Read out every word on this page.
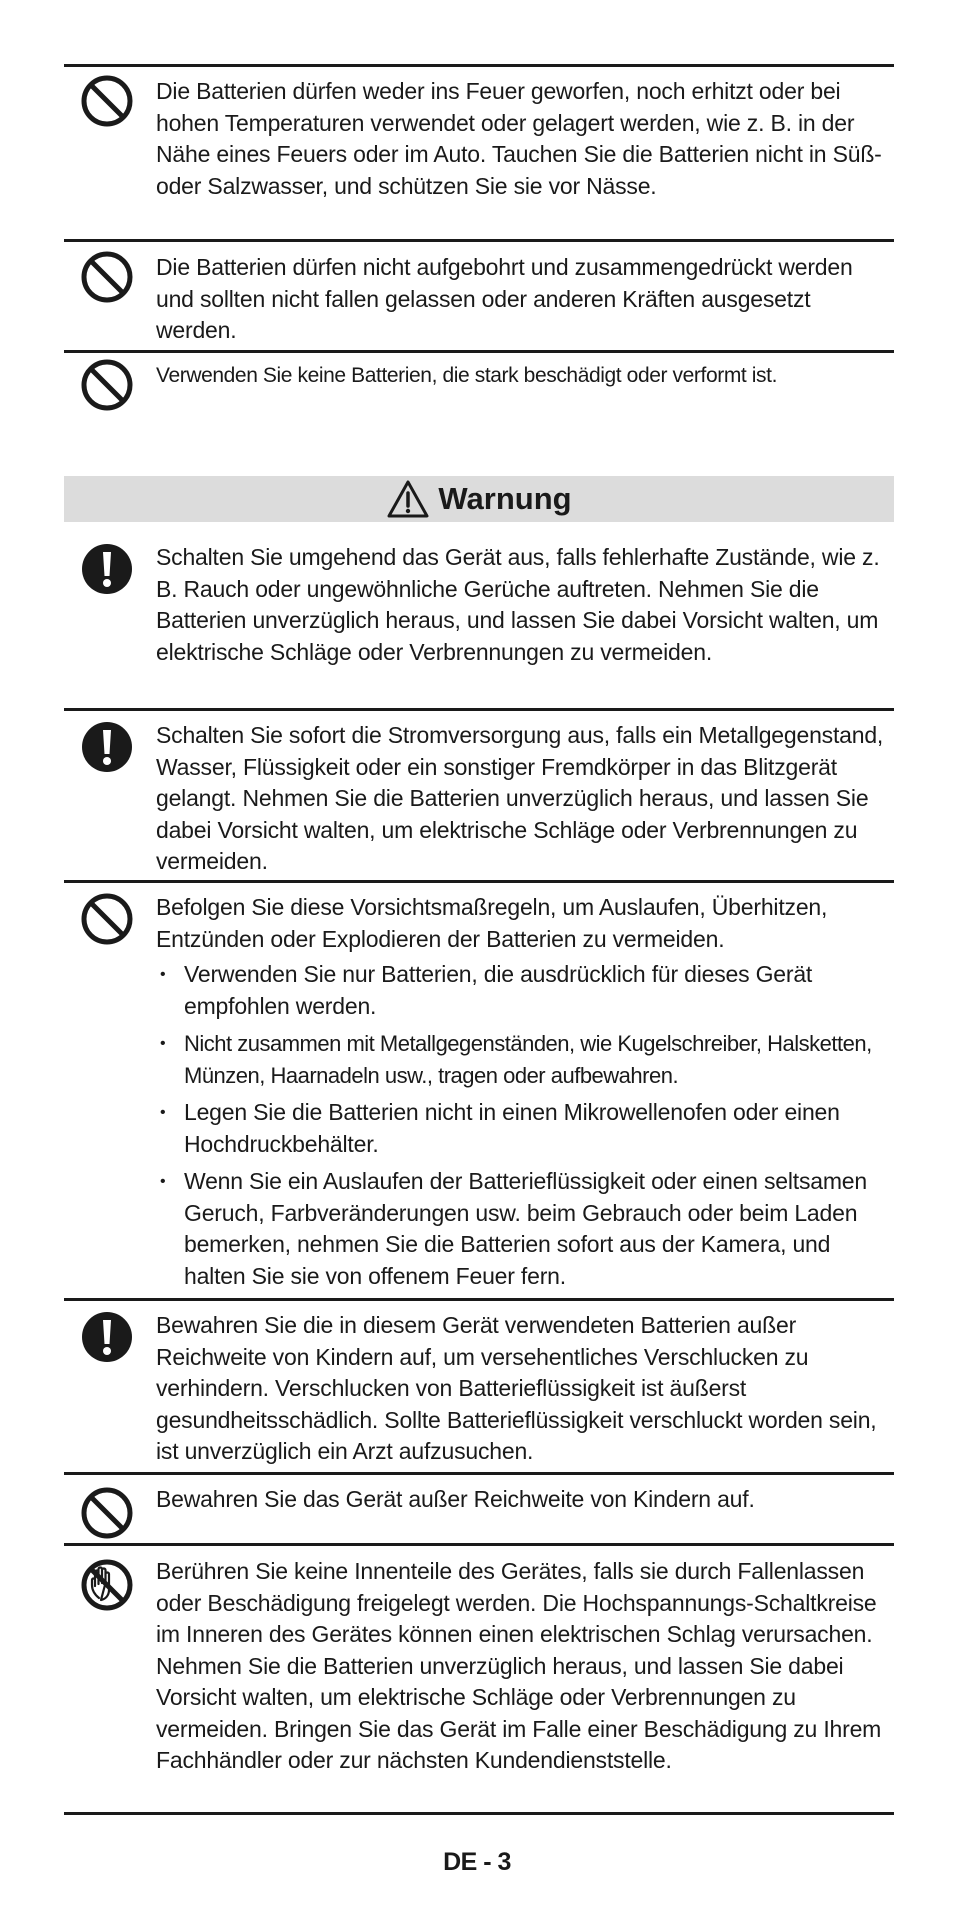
Die Batterien dürfen weder ins Feuer geworfen, noch erhitzt oder bei hohen Temperaturen verwendet oder gelagert werden, wie z. B. in der Nähe eines Feuers oder im Auto. Tauchen Sie die Batterien nicht in Süß- oder Salzwasser, und schützen Sie sie vor Nässe.
Die Batterien dürfen nicht aufgebohrt und zusammengedrückt werden und sollten nicht fallen gelassen oder anderen Kräften ausgesetzt werden.
Verwenden Sie keine Batterien, die stark beschädigt oder verformt ist.
Warnung
Schalten Sie umgehend das Gerät aus, falls fehlerhafte Zustände, wie z. B. Rauch oder ungewöhnliche Gerüche auftreten. Nehmen Sie die Batterien unverzüglich heraus, und lassen Sie dabei Vorsicht walten, um elektrische Schläge oder Verbrennungen zu vermeiden.
Schalten Sie sofort die Stromversorgung aus, falls ein Metallgegenstand, Wasser, Flüssigkeit oder ein sonstiger Fremdkörper in das Blitzgerät gelangt. Nehmen Sie die Batterien unverzüglich heraus, und lassen Sie dabei Vorsicht walten, um elektrische Schläge oder Verbrennungen zu vermeiden.
Befolgen Sie diese Vorsichtsmaßregeln, um Auslaufen, Überhitzen, Entzünden oder Explodieren der Batterien zu vermeiden.
• Verwenden Sie nur Batterien, die ausdrücklich für dieses Gerät empfohlen werden.
• Nicht zusammen mit Metallgegenständen, wie Kugelschreiber, Halsketten, Münzen, Haarnadeln usw., tragen oder aufbewahren.
• Legen Sie die Batterien nicht in einen Mikrowellenofen oder einen Hochdruckbehälter.
• Wenn Sie ein Auslaufen der Batterieflüssigkeit oder einen seltsamen Geruch, Farbveränderungen usw. beim Gebrauch oder beim Laden bemerken, nehmen Sie die Batterien sofort aus der Kamera, und halten Sie sie von offenem Feuer fern.
Bewahren Sie die in diesem Gerät verwendeten Batterien außer Reichweite von Kindern auf, um versehentliches Verschlucken zu verhindern. Verschlucken von Batterieflüssigkeit ist äußerst gesundheitsschädlich. Sollte Batterieflüssigkeit verschluckt worden sein, ist unverzüglich ein Arzt aufzusuchen.
Bewahren Sie das Gerät außer Reichweite von Kindern auf.
Berühren Sie keine Innenteile des Gerätes, falls sie durch Fallenlassen oder Beschädigung freigelegt werden. Die Hochspannungs-Schaltkreise im Inneren des Gerätes können einen elektrischen Schlag verursachen. Nehmen Sie die Batterien unverzüglich heraus, und lassen Sie dabei Vorsicht walten, um elektrische Schläge oder Verbrennungen zu vermeiden. Bringen Sie das Gerät im Falle einer Beschädigung zu Ihrem Fachhändler oder zur nächsten Kundendienststelle.
DE - 3
